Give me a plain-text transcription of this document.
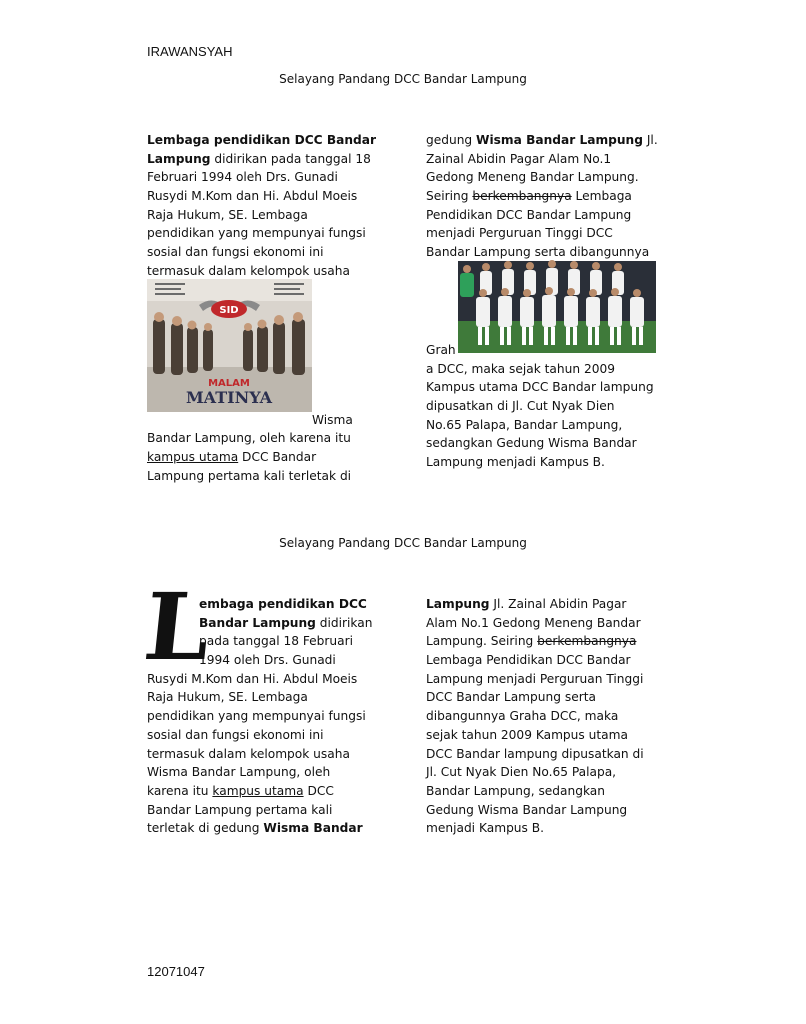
IRAWANSYAH
Selayang Pandang DCC Bandar Lampung
Lembaga pendidikan DCC Bandar
Lampung didirikan pada tanggal 18
Februari 1994 oleh Drs. Gunadi
Rusydi M.Kom dan Hi. Abdul Moeis
Raja Hukum, SE. Lembaga
pendidikan yang mempunyai fungsi
sosial dan fungsi ekonomi ini
termasuk dalam kelompok usaha
Wisma
Bandar Lampung, oleh karena itu
kampus utama DCC Bandar
Lampung pertama kali terletak di
SID
MALAM
MATINYA
gedung Wisma Bandar Lampung Jl.
Zainal Abidin Pagar Alam No.1
Gedong Meneng Bandar Lampung.
Seiring berkembangnya Lembaga
Pendidikan DCC Bandar Lampung
menjadi Perguruan Tinggi DCC
Bandar Lampung serta dibangunnya
Grah
a DCC, maka sejak tahun 2009
Kampus utama DCC Bandar lampung
dipusatkan di Jl. Cut Nyak Dien
No.65 Palapa, Bandar Lampung,
sedangkan Gedung Wisma Bandar
Lampung menjadi Kampus B.
Selayang Pandang DCC Bandar Lampung
L
embaga pendidikan DCC
Bandar Lampung didirikan
pada tanggal 18 Februari
1994 oleh Drs. Gunadi
Rusydi M.Kom dan Hi. Abdul Moeis
Raja Hukum, SE. Lembaga
pendidikan yang mempunyai fungsi
sosial dan fungsi ekonomi ini
termasuk dalam kelompok usaha
Wisma Bandar Lampung, oleh
karena itu kampus utama DCC
Bandar Lampung pertama kali
terletak di gedung Wisma Bandar
Lampung Jl. Zainal Abidin Pagar
Alam No.1 Gedong Meneng Bandar
Lampung. Seiring berkembangnya
Lembaga Pendidikan DCC Bandar
Lampung menjadi Perguruan Tinggi
DCC Bandar Lampung serta
dibangunnya Graha DCC, maka
sejak tahun 2009 Kampus utama
DCC Bandar lampung dipusatkan di
Jl. Cut Nyak Dien No.65 Palapa,
Bandar Lampung, sedangkan
Gedung Wisma Bandar Lampung
menjadi Kampus B.
12071047
